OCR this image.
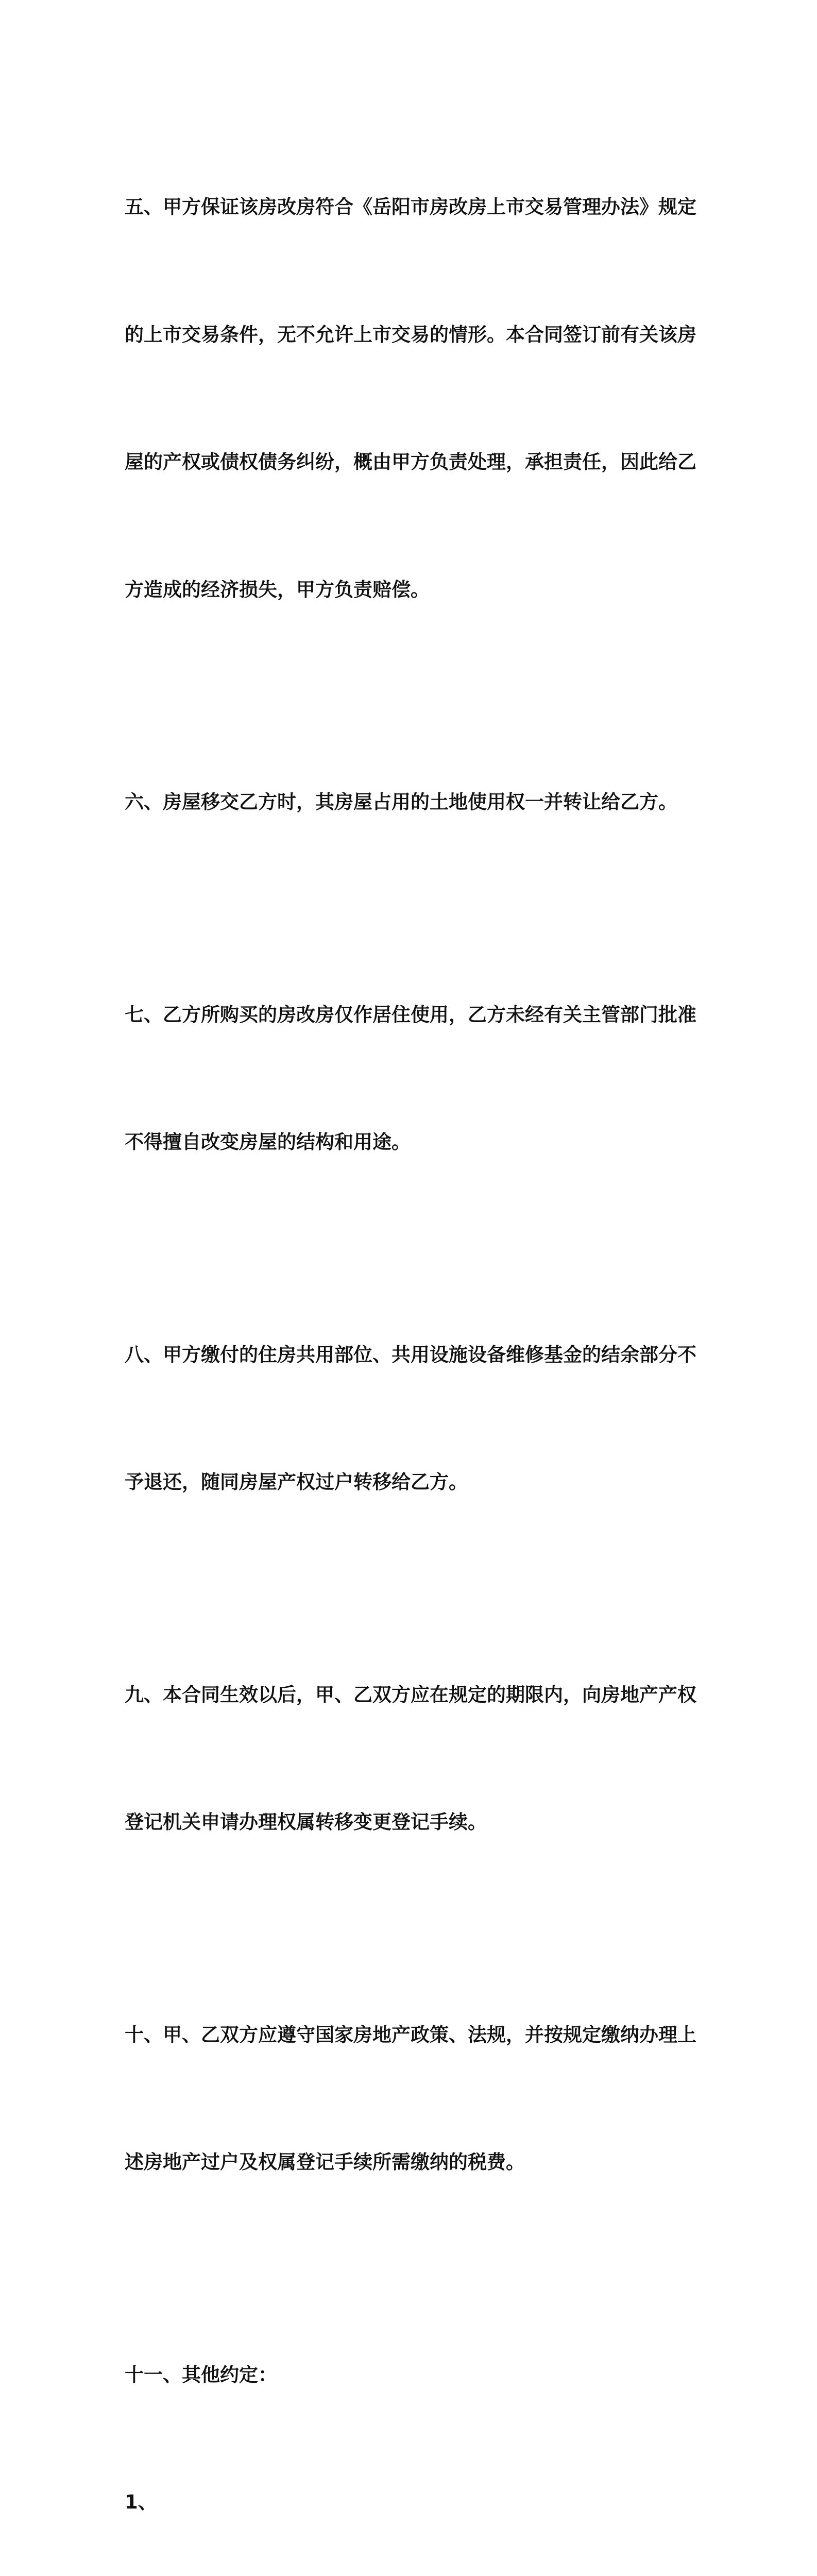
五、甲方保证该房改房符合《岳阳市房改房上市交易管理办法》规定

的上市交易条件，无不允许上市交易的情形。本合同签订前有关该房

屋的产权或债权债务纠纷，概由甲方负责处理，承担责任，因此给乙

方造成的经济损失，甲方负责赔偿。

六、房屋移交乙方时，其房屋占用的土地使用权一并转让给乙方。

七、乙方所购买的房改房仅作居住使用，乙方未经有关主管部门批准

不得擅自改变房屋的结构和用途。

八、甲方缴付的住房共用部位、共用设施设备维修基金的结余部分不

予退还，随同房屋产权过户转移给乙方。

九、本合同生效以后，甲、乙双方应在规定的期限内，向房地产产权

登记机关申请办理权属转移变更登记手续。

十、甲、乙双方应遵守国家房地产政策、法规，并按规定缴纳办理上

述房地产过户及权属登记手续所需缴纳的税费。

十一、其他约定：

1、
